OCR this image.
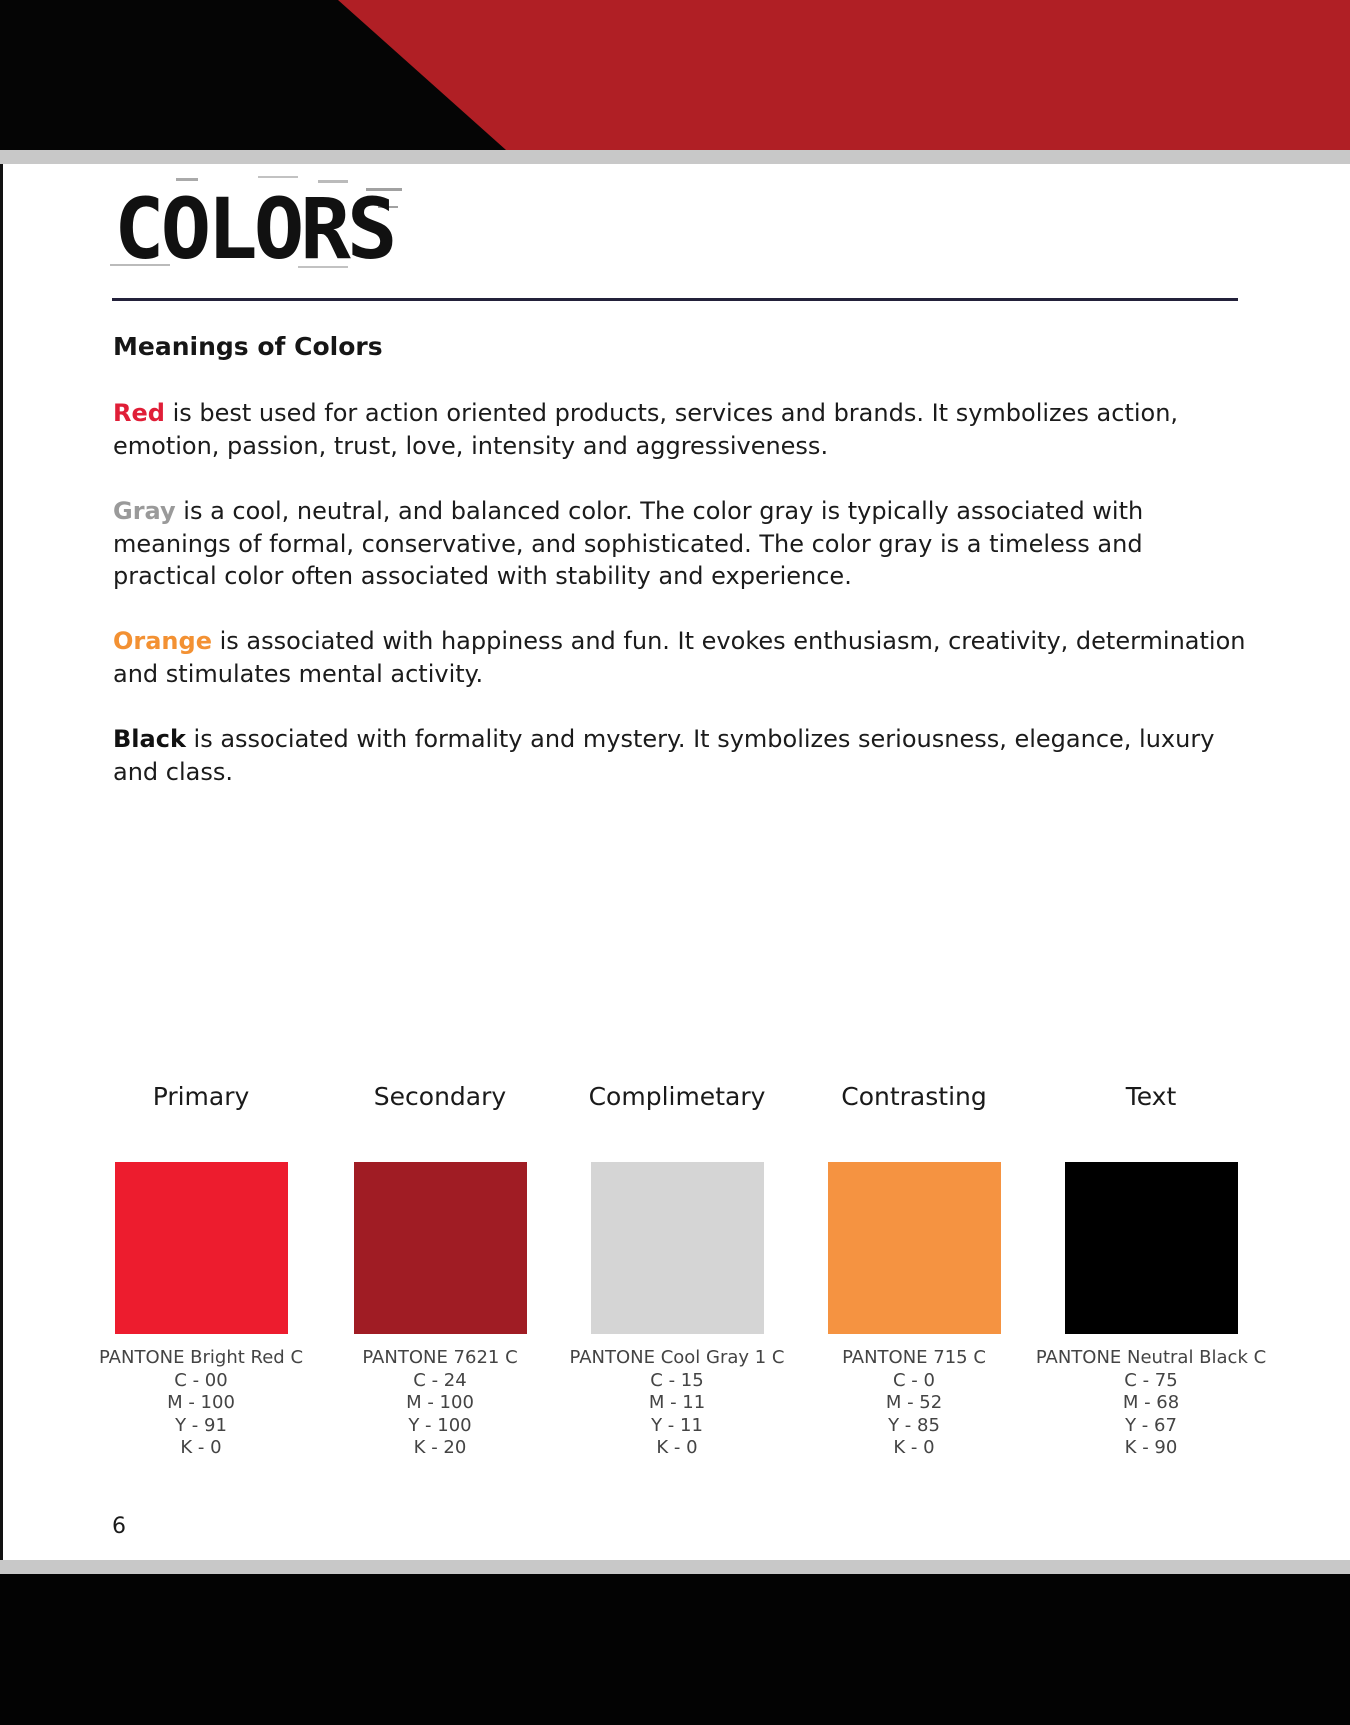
COLORS
Meanings of Colors
Red is best used for action oriented products, services and brands. It symbolizes action, emotion, passion, trust, love, intensity and aggressiveness.
Gray is a cool, neutral, and balanced color. The color gray is typically associated with meanings of formal, conservative, and sophisticated. The color gray is a timeless and practical color often associated with stability and experience.
Orange is associated with happiness and fun. It evokes enthusiasm, creativity, determination and stimulates mental activity.
Black is associated with formality and mystery. It symbolizes seriousness, elegance, luxury and class.
Primary
PANTONE Bright Red C
C - 00
M - 100
Y - 91
K - 0
Secondary
PANTONE 7621 C
C - 24
M - 100
Y - 100
K - 20
Complimetary
PANTONE Cool Gray 1 C
C - 15
M - 11
Y - 11
K - 0
Contrasting
PANTONE 715 C
C - 0
M - 52
Y - 85
K - 0
Text
PANTONE Neutral Black C
C - 75
M - 68
Y - 67
K - 90
6
